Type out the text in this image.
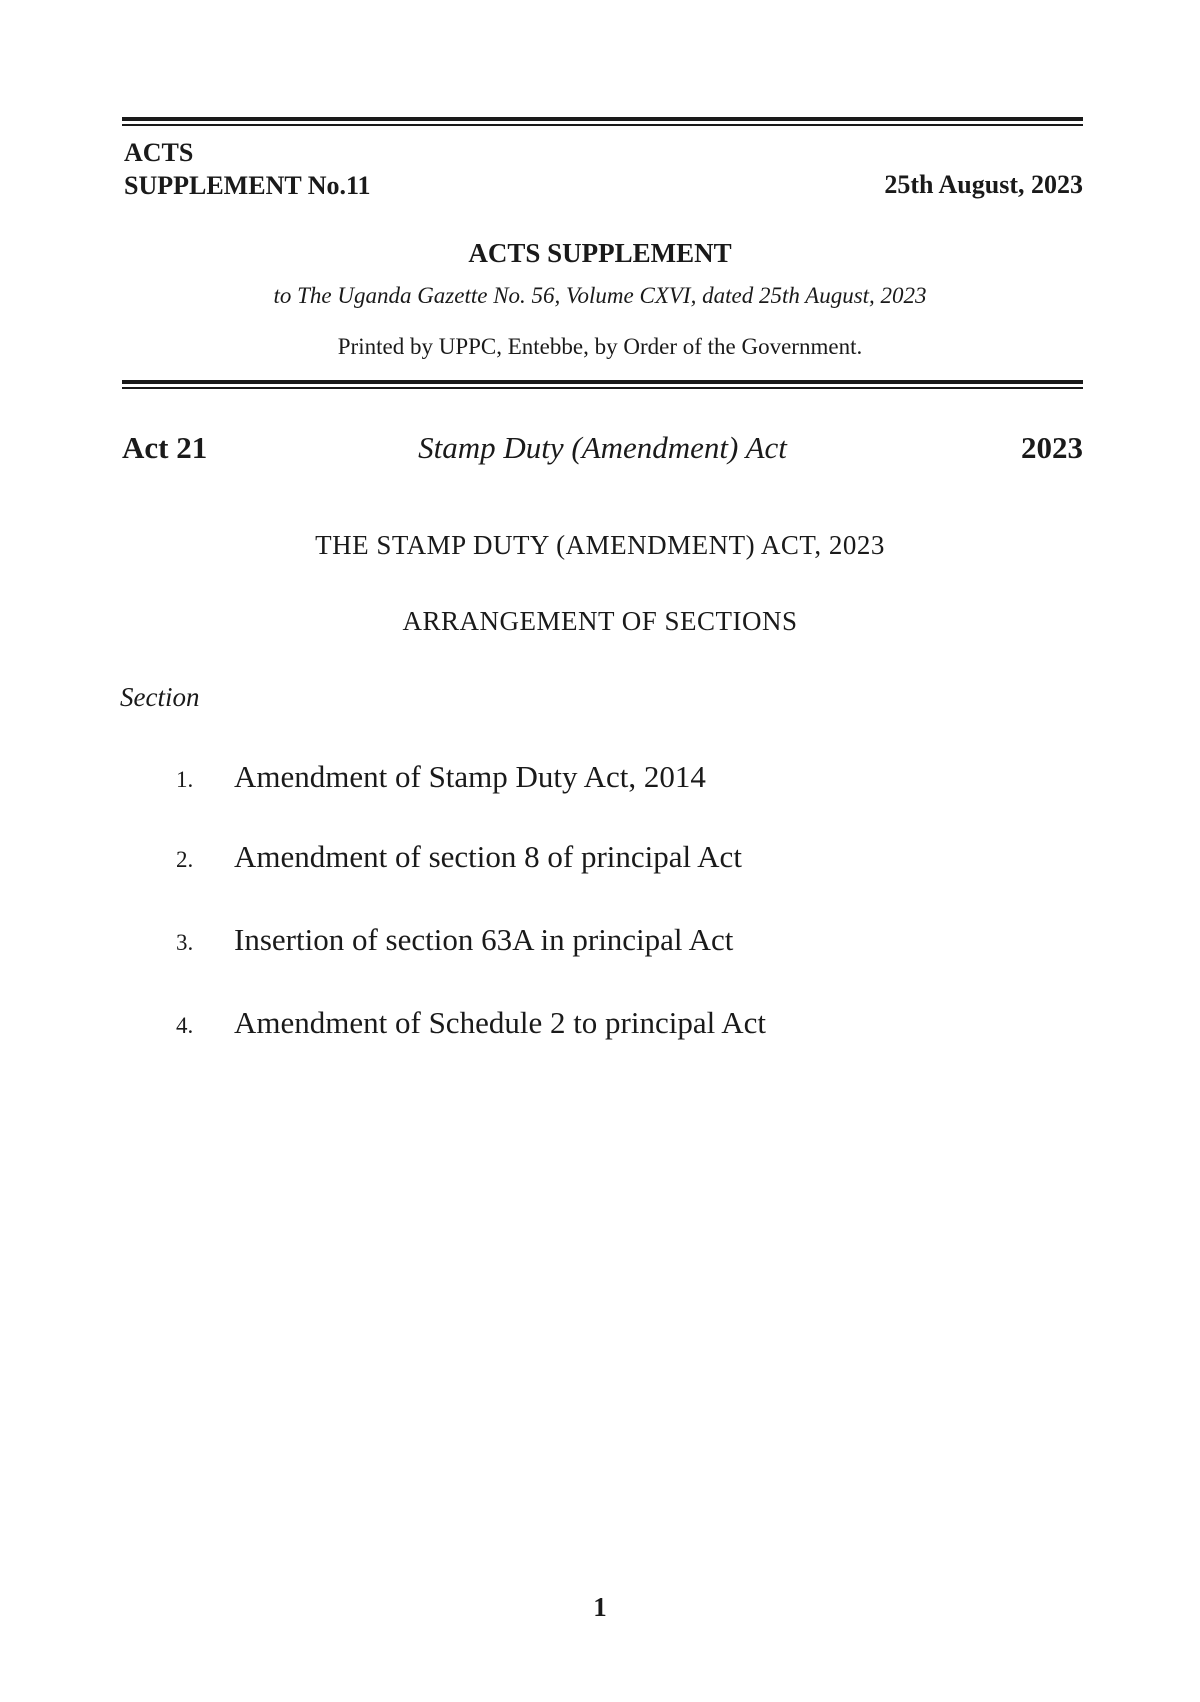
ACTS
SUPPLEMENT No.11	25th August, 2023
ACTS SUPPLEMENT
to The Uganda Gazette No. 56, Volume CXVI, dated 25th August, 2023
Printed by UPPC, Entebbe, by Order of the Government.
Stamp Duty (Amendment) Act
Act 21	2023
THE STAMP DUTY (AMENDMENT) ACT, 2023
ARRANGEMENT OF SECTIONS
Section
1. Amendment of Stamp Duty Act, 2014
2. Amendment of section 8 of principal Act
3. Insertion of section 63A in principal Act
4. Amendment of Schedule 2 to principal Act
1
